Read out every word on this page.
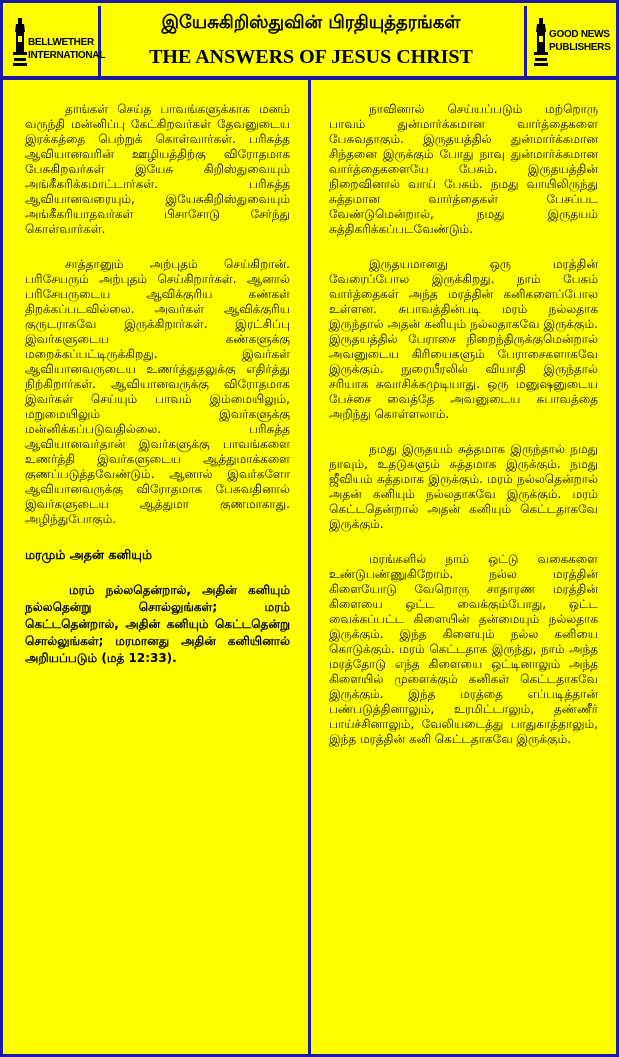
BELLWETHER
INTERNATIONAL
இயேசுகிறிஸ்துவின் பிரதியுத்தரங்கள்
THE ANSWERS OF JESUS CHRIST
GOOD NEWS
PUBLISHERS

தாங்கள் செய்த பாவங்களுக்காக மனம் வருந்தி மன்னிப்பு கேட்கிறவர்கள் தேவனுடைய இரக்கத்தை பெற்றுக் கொள்வார்கள். பரிசுத்த ஆவியானவரின் ஊழியத்திற்கு விரோதமாக பேசுகிறவர்கள் இயேசு கிறிஸ்துவையும் அங்கீகரிக்கமாட்டார்கள். பரிசுத்த ஆவியானவரையும், இயேசுகிறிஸ்துவையும் அங்கீகரியாதவர்கள் பிசாசோடு சேர்ந்து கொள்வார்கள்.

சாத்தானும் அற்புதம் செய்கிறான். பரிசேயரும் அற்புதம் செய்கிறார்கள். ஆனால் பரிசேயருடைய ஆவிக்குரிய கண்கள் திறக்கப்படவில்லை. அவர்கள் ஆவிக்குரிய குருடராகவே இருக்கிறார்கள். இரட்சிப்பு இவர்களுடைய கண்களுக்கு மறைக்கப்பட்டிருக்கிறது. இவர்கள் ஆவியானவருடைய உணர்த்துதலுக்கு எதிர்த்து நிற்கிறார்கள். ஆவியானவருக்கு விரோதமாக இவர்கள் செய்யும் பாவம் இம்மையிலும், மறுமையிலும் இவர்களுக்கு மன்னிக்கப்படுவதில்லை. பரிசுத்த ஆவியானவர்தான் இவர்களுக்கு பாவங்களை உணர்த்தி இவர்களுடைய ஆத்துமாக்களை குணப்படுத்தவேண்டும். ஆனால் இவர்களோ ஆவியானவருக்கு விரோதமாக பேசுவதினால் இவர்களுடைய ஆத்துமா குணமாகாது. அழிந்துபோகும்.

மரமும் அதன் கனியும்

மரம் நல்லதென்றால், அதின் கனியும் நல்லதென்று சொல்லுங்கள்; மரம் கெட்டதென்றால், அதின் கனியும் கெட்டதென்று சொல்லுங்கள்; மரமானது அதின் கனியினால் அறியப்படும் (மத் 12:33).

நாவினால் செய்யப்படும் மற்றொரு பாவம் துன்மார்க்கமான வார்த்தைகளை பேசுவதாகும். இருதயத்தில் துன்மார்க்கமான சிந்தனை இருக்கும் போது நாவு துன்மார்க்கமான வார்த்தைகளையே பேசும். இருதயத்தின் நிறைவினால் வாய் பேசும். நமது வாயிலிருந்து சுத்தமான வார்த்தைகள் பேசப்பட வேண்டுமென்றால், நமது இருதயம் சுத்திகரிக்கப்படவேண்டும்.

இருதயமானது ஒரு மரத்தின் வேரைப்போல இருக்கிறது. நாம் பேசும் வார்த்தைகள் அந்த மரத்தின் கனிகளைப்போல உள்ளன. சுபாவத்தின்படி மரம் நல்லதாக இருந்தால் அதன் கனியும் நல்லதாகவே இருக்கும். இருதயத்தில் பேராசை நிறைந்திருக்குமென்றால் அவனுடைய கிரியைகளும் பேராசைகளாகவே இருக்கும். நுரையீரலில் வியாதி இருந்தால் சரியாக சுவாசிக்கமுடியாது. ஒரு மனுஷனுடைய பேச்சை வைத்தே அவனுடைய சுபாவத்தை அறிந்து கொள்ளலாம்.

நமது இருதயம் சுத்தமாக இருந்தால் நமது நாவும், உதடுகளும் சுத்தமாக இருக்கும். நமது ஜீவியம் சுத்தமாக இருக்கும். மரம் நல்லதென்றால் அதன் கனியும் நல்லதாகவே இருக்கும். மரம் கெட்டதென்றால் அதன் கனியும் கெட்டதாகவே இருக்கும்.

மரங்களில் நாம் ஒட்டு வகைகளை உண்டுபண்ணுகிறோம். நல்ல மரத்தின் கிளையோடு வேறொரு சாதாரண மரத்தின் கிளையை ஒட்ட வைக்கும்போது, ஒட்ட வைக்கப்பட்ட கிளையின் தன்மையும் நல்லதாக இருக்கும். இந்த கிளையும் நல்ல கனியை கொடுக்கும். மரம் கெட்டதாக இருந்து, நாம் அந்த மரத்தோடு எந்த கிளையை ஒட்டினாலும் அந்த கிளையில் முளைக்கும் கனிகள் கெட்டதாகவே இருக்கும். இந்த மரத்தை எப்படித்தான் பண்படுத்தினாலும், உரமிட்டாலும், தண்ணீர் பாய்ச்சினாலும், வேலியடைத்து பாதுகாத்தாலும், இந்த மரத்தின் கனி கெட்டதாகவே இருக்கும்.
